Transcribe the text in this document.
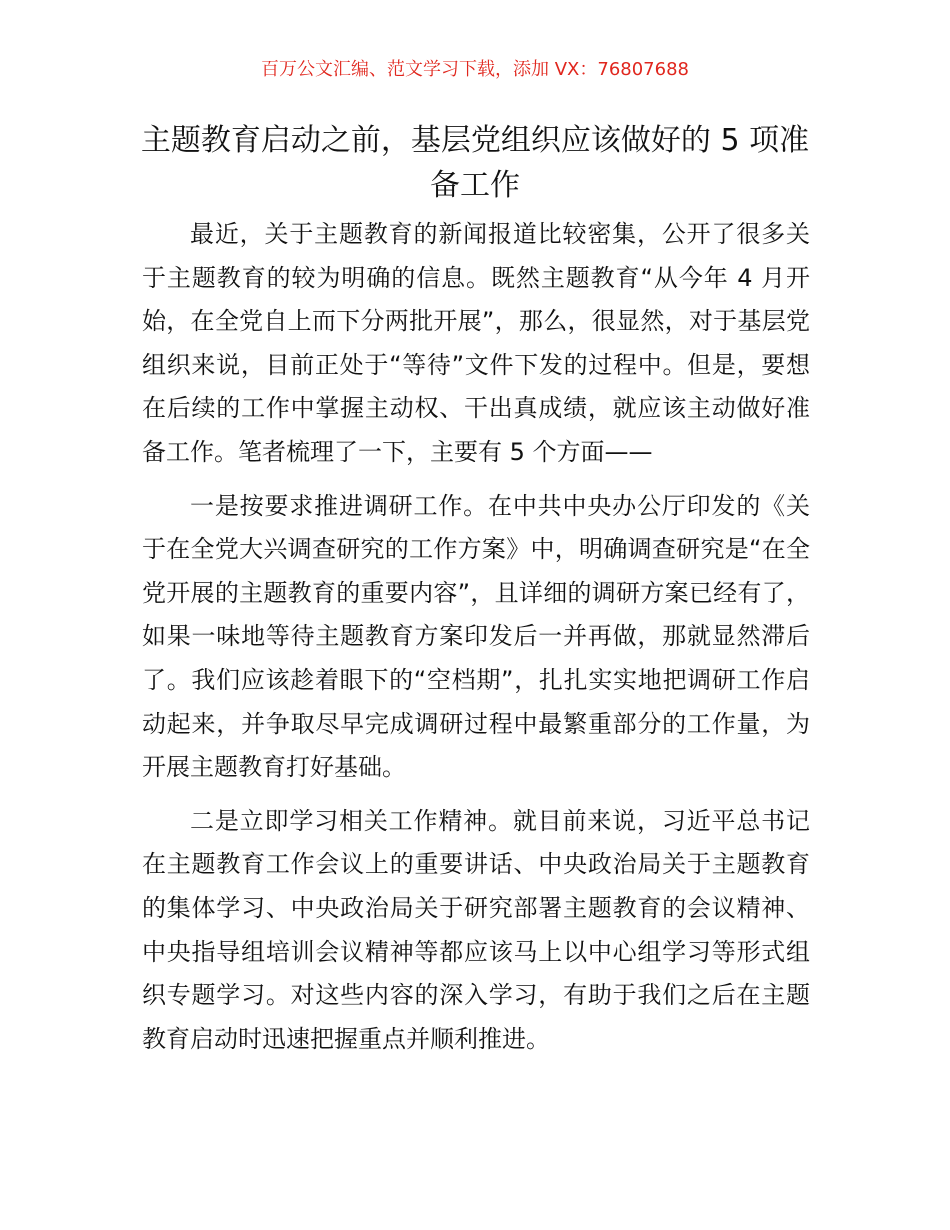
百万公文汇编、范文学习下载，添加 VX：76807688
主题教育启动之前，基层党组织应该做好的 5 项准备工作

最近，关于主题教育的新闻报道比较密集，公开了很多关于主题教育的较为明确的信息。既然主题教育“从今年 4 月开始，在全党自上而下分两批开展”，那么，很显然，对于基层党组织来说，目前正处于“等待”文件下发的过程中。但是，要想在后续的工作中掌握主动权、干出真成绩，就应该主动做好准备工作。笔者梳理了一下，主要有 5 个方面——

一是按要求推进调研工作。在中共中央办公厅印发的《关于在全党大兴调查研究的工作方案》中，明确调查研究是“在全党开展的主题教育的重要内容”，且详细的调研方案已经有了，如果一味地等待主题教育方案印发后一并再做，那就显然滞后了。我们应该趁着眼下的“空档期”，扎扎实实地把调研工作启动起来，并争取尽早完成调研过程中最繁重部分的工作量，为开展主题教育打好基础。

二是立即学习相关工作精神。就目前来说，习近平总书记在主题教育工作会议上的重要讲话、中央政治局关于主题教育的集体学习、中央政治局关于研究部署主题教育的会议精神、中央指导组培训会议精神等都应该马上以中心组学习等形式组织专题学习。对这些内容的深入学习，有助于我们之后在主题教育启动时迅速把握重点并顺利推进。
